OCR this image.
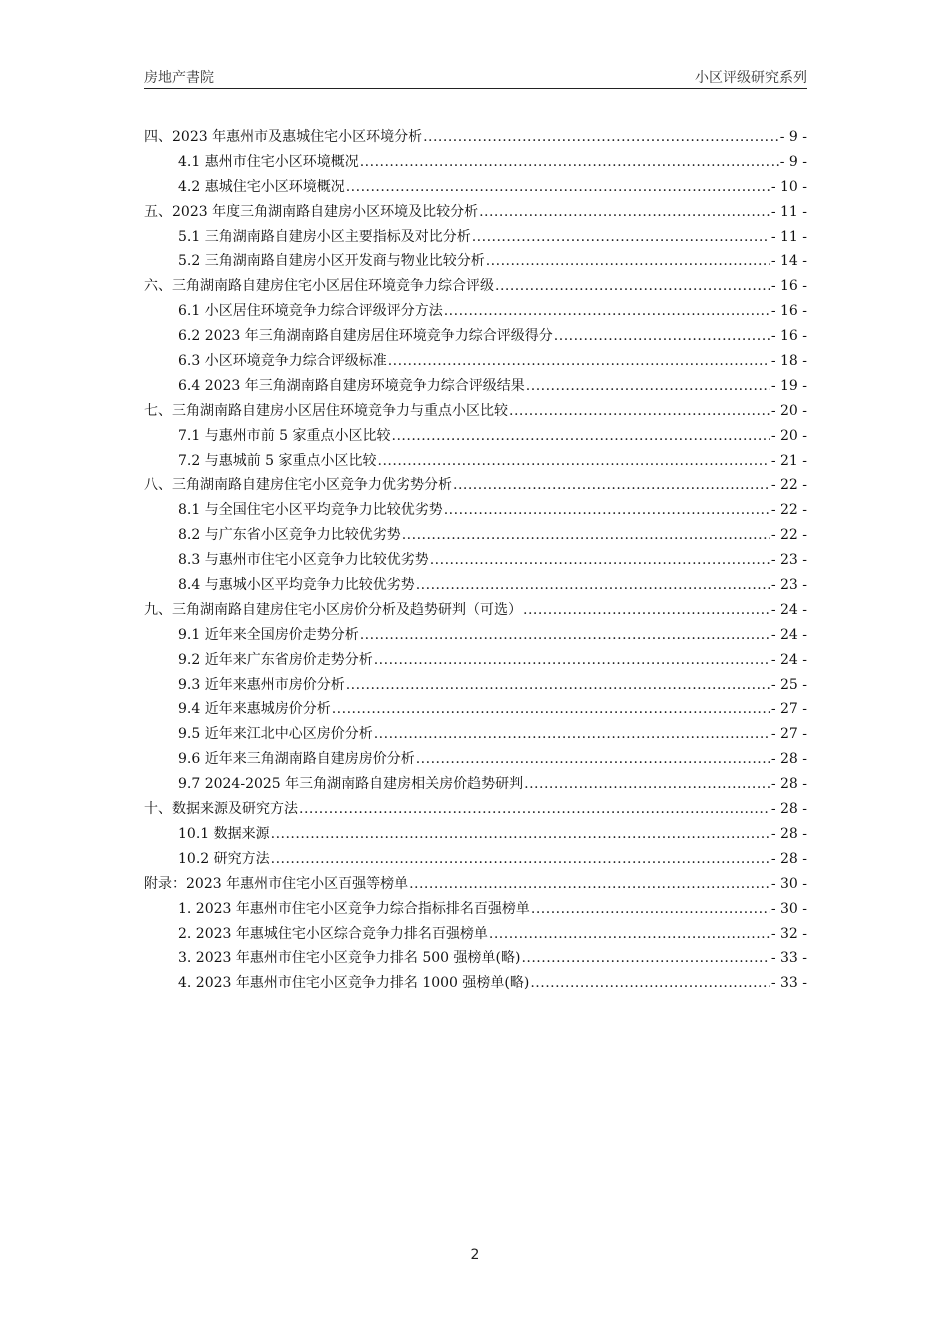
房地产書院	小区评级研究系列
四、2023 年惠州市及惠城住宅小区环境分析 .....	- 9 -
4.1 惠州市住宅小区环境概况 .....	- 9 -
4.2 惠城住宅小区环境概况 .....	- 10 -
五、2023 年度三角湖南路自建房小区环境及比较分析 .....	- 11 -
5.1 三角湖南路自建房小区主要指标及对比分析 .....	- 11 -
5.2 三角湖南路自建房小区开发商与物业比较分析 .....	- 14 -
六、三角湖南路自建房住宅小区居住环境竞争力综合评级 .....	- 16 -
6.1 小区居住环境竞争力综合评级评分方法 .....	- 16 -
6.2 2023 年三角湖南路自建房居住环境竞争力综合评级得分 .....	- 16 -
6.3 小区环境竞争力综合评级标准 .....	- 18 -
6.4 2023 年三角湖南路自建房环境竞争力综合评级结果 .....	- 19 -
七、三角湖南路自建房小区居住环境竞争力与重点小区比较 .....	- 20 -
7.1 与惠州市前 5 家重点小区比较 .....	- 20 -
7.2 与惠城前 5 家重点小区比较 .....	- 21 -
八、三角湖南路自建房住宅小区竞争力优劣势分析 .....	- 22 -
8.1 与全国住宅小区平均竞争力比较优劣势 .....	- 22 -
8.2 与广东省小区竞争力比较优劣势 .....	- 22 -
8.3 与惠州市住宅小区竞争力比较优劣势 .....	- 23 -
8.4 与惠城小区平均竞争力比较优劣势 .....	- 23 -
九、三角湖南路自建房住宅小区房价分析及趋势研判（可选） .....	- 24 -
9.1 近年来全国房价走势分析 .....	- 24 -
9.2 近年来广东省房价走势分析 .....	- 24 -
9.3 近年来惠州市房价分析 .....	- 25 -
9.4 近年来惠城房价分析 .....	- 27 -
9.5 近年来江北中心区房价分析 .....	- 27 -
9.6 近年来三角湖南路自建房房价分析 .....	- 28 -
9.7 2024-2025 年三角湖南路自建房相关房价趋势研判 .....	- 28 -
十、数据来源及研究方法 .....	- 28 -
10.1 数据来源 .....	- 28 -
10.2 研究方法 .....	- 28 -
附录：2023 年惠州市住宅小区百强等榜单 .....	- 30 -
1. 2023 年惠州市住宅小区竞争力综合指标排名百强榜单 .....	- 30 -
2. 2023 年惠城住宅小区综合竞争力排名百强榜单 .....	- 32 -
3. 2023 年惠州市住宅小区竞争力排名 500 强榜单(略) .....	- 33 -
4. 2023 年惠州市住宅小区竞争力排名 1000 强榜单(略) .....	- 33 -
2
